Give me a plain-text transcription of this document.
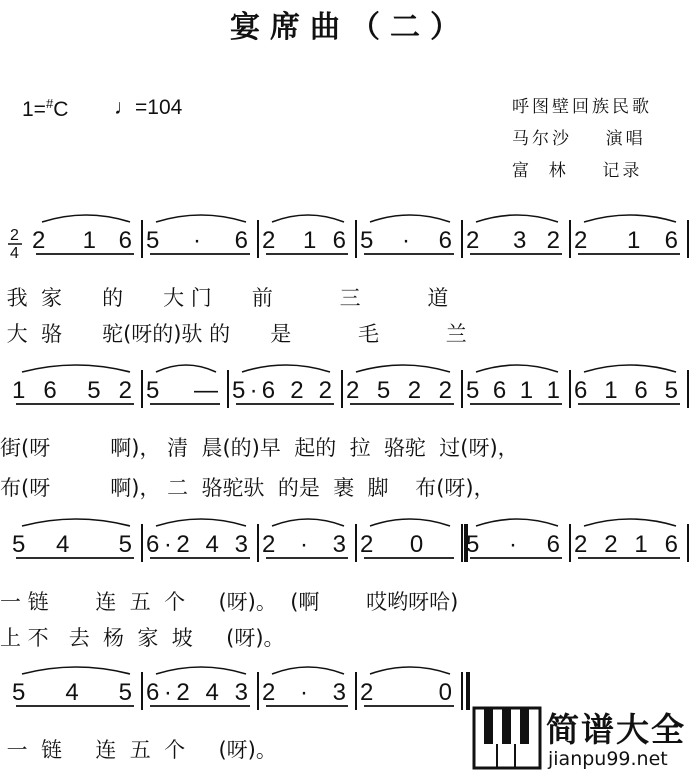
宴席曲（二）
1=#C ♩=104	呼图壁回族民歌
马尔沙    演唱
富  林    记录
2
4 2  1 6 5 · 6 2  1 6 5 · 6 2  3 2 2  1 6
1 6  5 2 5  — 5·6 2 2 2 5 2 2 5 6 1 1 6 1 6 5
5 4  5 6·2 4 3 2 · 3 2  0 5 · 6 2 2 1 6
5  4  5 6·2 4 3 2 · 3 2  0
我  家      的      大 门      前          三          道
大  骆      驼(呀的)驮 的      是          毛          兰
街(呀         啊)， 清  晨(的)早  起的  拉  骆驼  过(呀)，
布(呀         啊)， 二  骆驼驮  的是  裹  脚    布(呀)，
一 链       连  五  个     (呀)。  (啊       哎哟呀哈)
上 不   去  杨  家  坡     (呀)。
一  链     连  五  个     (呀)。
简谱大全
jianpu99.net
